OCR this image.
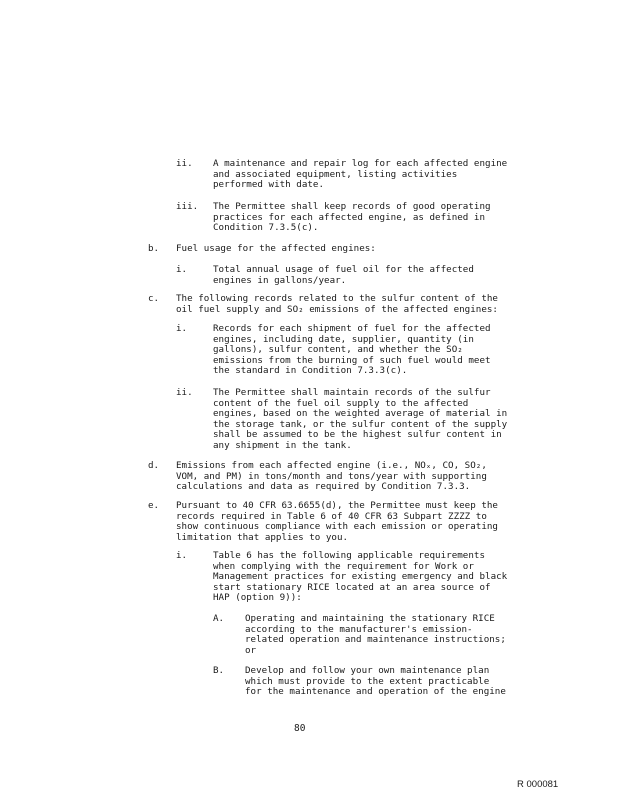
ii. A maintenance and repair log for each affected engine
and associated equipment, listing activities
performed with date.
iii. The Permittee shall keep records of good operating
practices for each affected engine, as defined in
Condition 7.3.5(c).
b. Fuel usage for the affected engines:
i.	Total annual usage of fuel oil for the affected
engines in gallons/year.
c. The following records related to the sulfur content of the
oil fuel supply and SO₂ emissions of the affected engines:
i.	Records for each shipment of fuel for the affected
engines, including date, supplier, quantity (in
gallons), sulfur content, and whether the SO₂
emissions from the burning of such fuel would meet
the standard in Condition 7.3.3(c).
ii. The Permittee shall maintain records of the sulfur
content of the fuel oil supply to the affected
engines, based on the weighted average of material in
the storage tank, or the sulfur content of the supply
shall be assumed to be the highest sulfur content in
any shipment in the tank.
d. Emissions from each affected engine (i.e., NOₓ, CO, SO₂,
VOM, and PM) in tons/month and tons/year with supporting
calculations and data as required by Condition 7.3.3.
e. Pursuant to 40 CFR 63.6655(d), the Permittee must keep the
records required in Table 6 of 40 CFR 63 Subpart ZZZZ to
show continuous compliance with each emission or operating
limitation that applies to you.
i.	Table 6 has the following applicable requirements
when complying with the requirement for Work or
Management practices for existing emergency and black
start stationary RICE located at an area source of
HAP (option 9)):
A. Operating and maintaining the stationary RICE
according to the manufacturer's emission-
related operation and maintenance instructions;
or
B. Develop and follow your own maintenance plan
which must provide to the extent practicable
for the maintenance and operation of the engine
80
R 000081
